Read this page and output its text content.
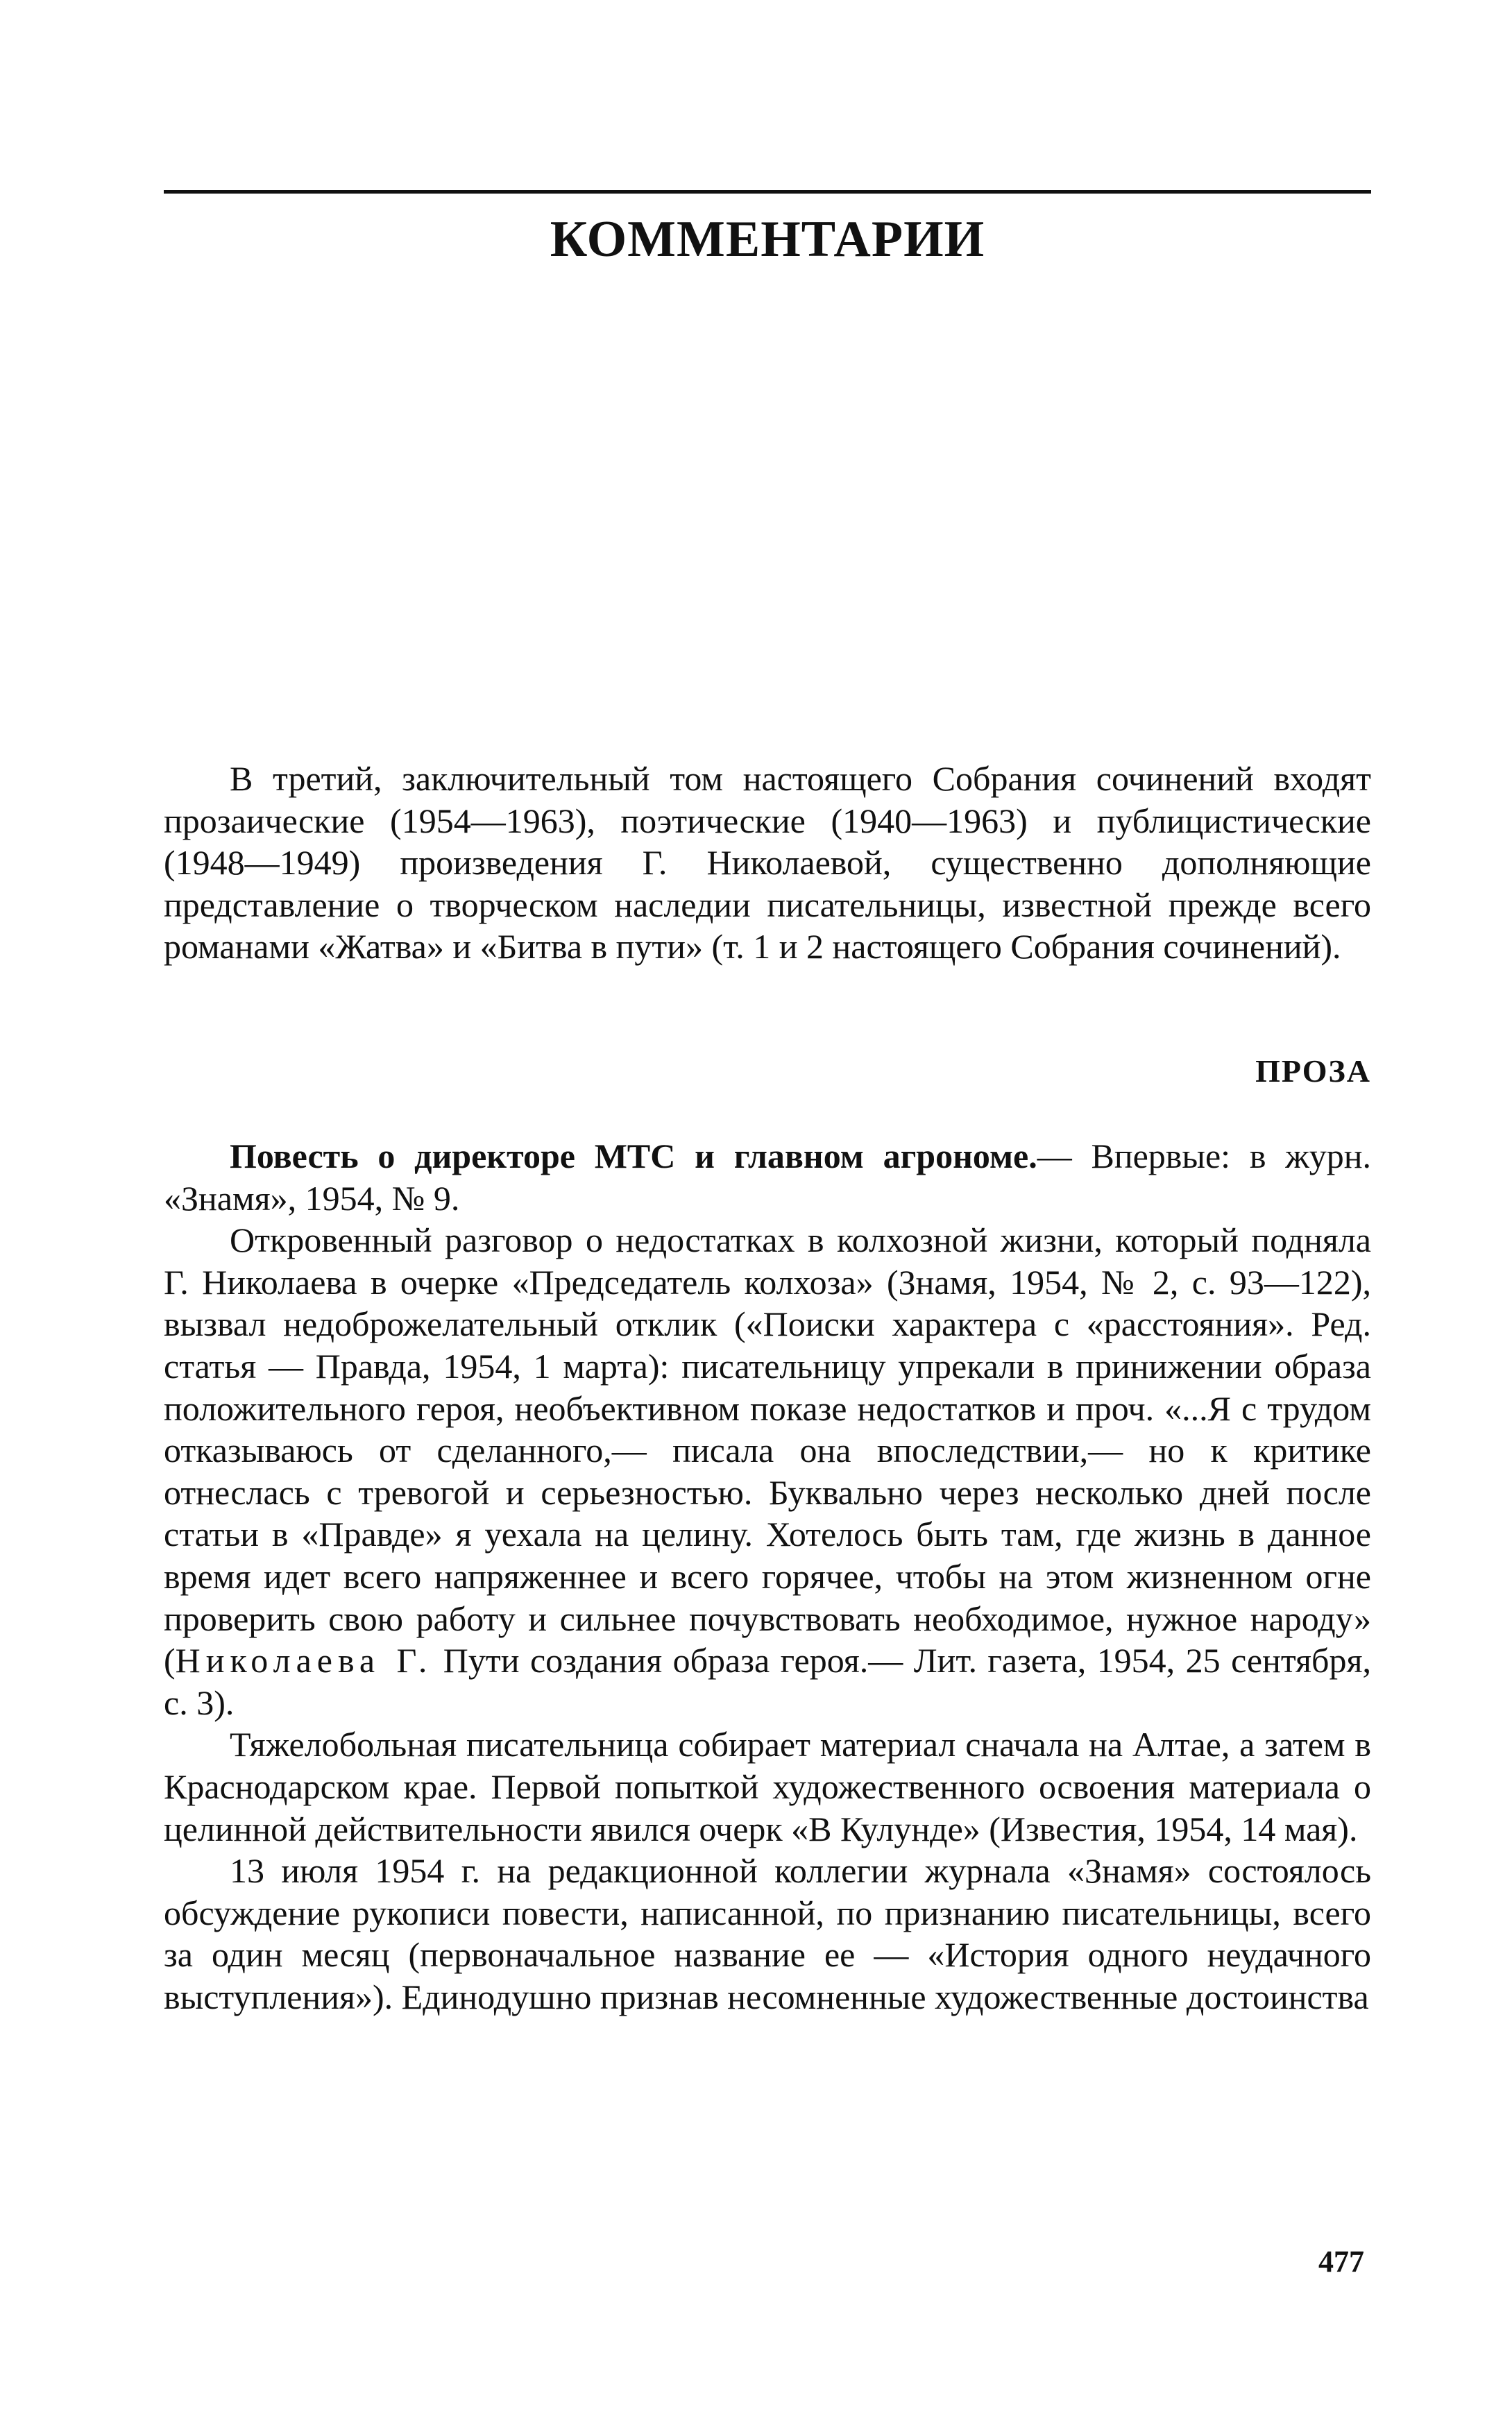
КОММЕНТАРИИ

В третий, заключительный том настоящего Собрания сочинений входят прозаические (1954—1963), поэтические (1940—1963) и публицистические (1948—1949) произведения Г. Николаевой, существенно дополняющие представление о творческом наследии писательницы, известной прежде всего романами «Жатва» и «Битва в пути» (т. 1 и 2 настоящего Собрания сочинений).

ПРОЗА

Повесть о директоре МТС и главном агрономе.— Впервые: в журн. «Знамя», 1954, № 9.

Откровенный разговор о недостатках в колхозной жизни, который подняла Г. Николаева в очерке «Председатель колхоза» (Знамя, 1954, № 2, с. 93—122), вызвал недоброжелательный отклик («Поиски характера с «расстояния». Ред. статья — Правда, 1954, 1 марта): писательницу упрекали в принижении образа положительного героя, необъективном показе недостатков и проч. «...Я с трудом отказываюсь от сделанного,— писала она впоследствии,— но к критике отнеслась с тревогой и серьезностью. Буквально через несколько дней после статьи в «Правде» я уехала на целину. Хотелось быть там, где жизнь в данное время идет всего напряженнее и всего горячее, чтобы на этом жизненном огне проверить свою работу и сильнее почувствовать необходимое, нужное народу» (Николаева Г. Пути создания образа героя.— Лит. газета, 1954, 25 сентября, с. 3).

Тяжелобольная писательница собирает материал сначала на Алтае, а затем в Краснодарском крае. Первой попыткой художественного освоения материала о целинной действительности явился очерк «В Кулунде» (Известия, 1954, 14 мая).

13 июля 1954 г. на редакционной коллегии журнала «Знамя» состоялось обсуждение рукописи повести, написанной, по признанию писательницы, всего за один месяц (первоначальное название ее — «История одного неудачного выступления»). Единодушно признав несомненные художественные достоинства

477
